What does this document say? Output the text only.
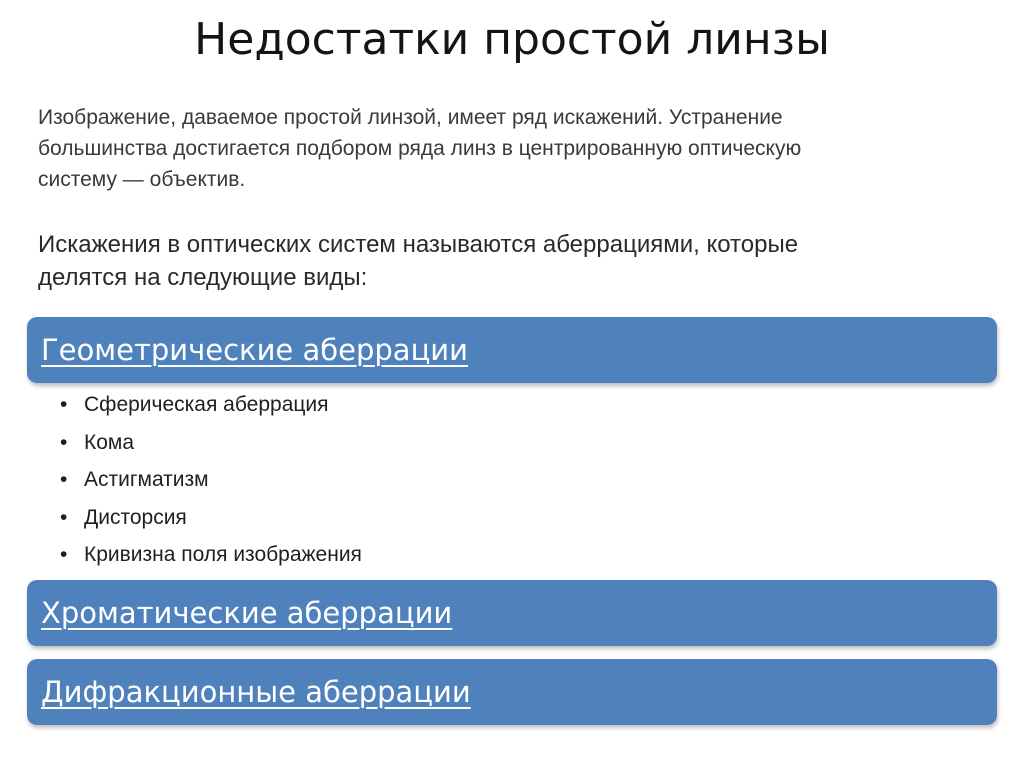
Недостатки простой линзы
Изображение, даваемое простой линзой, имеет ряд искажений. Устранение
большинства достигается подбором ряда линз в центрированную оптическую
систему — объектив.
Искажения в оптических систем называются аберрациями, которые
делятся на следующие виды:
Геометрические аберрации
• Сферическая аберрация
• Кома
• Астигматизм
• Дисторсия
• Кривизна поля изображения
Хроматические аберрации
Дифракционные аберрации
